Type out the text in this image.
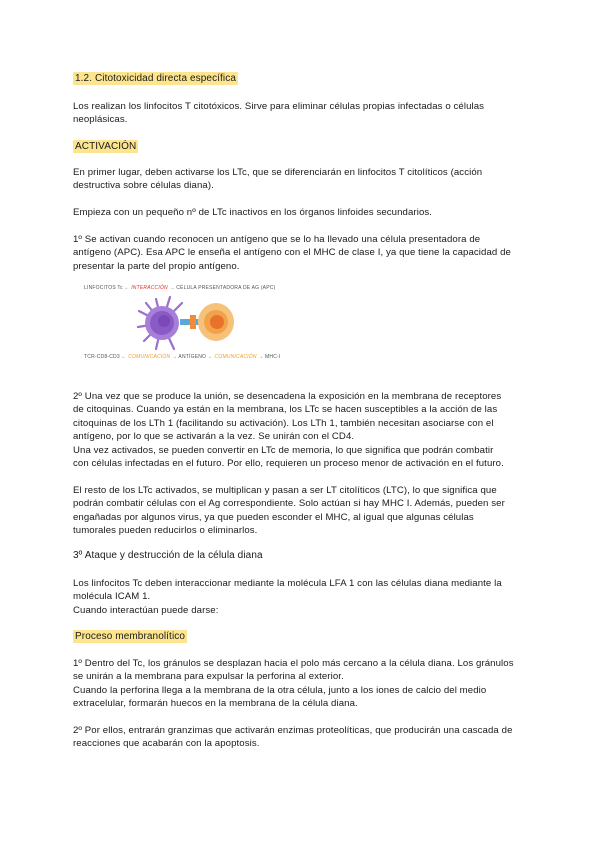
1.2. Citotoxicidad directa específica
Los realizan los linfocitos T citotóxicos. Sirve para eliminar células propias infectadas o células
neoplásicas.
ACTIVACIÓN
En primer lugar, deben activarse los LTc, que se diferenciarán en linfocitos T citolíticos (acción
destructiva sobre células diana).
Empieza con un pequeño nº de LTc inactivos en los órganos linfoides secundarios.
1º Se activan cuando reconocen un antígeno que se lo ha llevado una célula presentadora de
antígeno (APC). Esa APC le enseña el antígeno con el MHC de clase I, ya que tiene la capacidad de
presentar la parte del propio antígeno.
LINFOCITOS Tc ← INTERACCIÓN → CÉLULA PRESENTADORA DE AG (APC)
TCR-CD8-CD3 ← COMUNICACIÓN → ANTÍGENO ← COMUNICACIÓN → MHC-I
2º Una vez que se produce la unión, se desencadena la exposición en la membrana de receptores
de citoquinas. Cuando ya están en la membrana, los LTc se hacen susceptibles a la acción de las
citoquinas de los LTh 1 (facilitando su activación). Los LTh 1, también necesitan asociarse con el
antígeno, por lo que se activarán a la vez. Se unirán con el CD4.
Una vez activados, se pueden convertir en LTc de memoria, lo que significa que podrán combatir
con células infectadas en el futuro. Por ello, requieren un proceso menor de activación en el futuro.
El resto de los LTc activados, se multiplican y pasan a ser LT citolíticos (LTC), lo que significa que
podrán combatir células con el Ag correspondiente. Solo actúan si hay MHC I. Además, pueden ser
engañadas por algunos virus, ya que pueden esconder el MHC, al igual que algunas células
tumorales pueden reducirlos o eliminarlos.
3º Ataque y destrucción de la célula diana
Los linfocitos Tc deben interaccionar mediante la molécula LFA 1 con las células diana mediante la
molécula ICAM 1.
Cuando interactúan puede darse:
Proceso membranolítico
1º Dentro del Tc, los gránulos se desplazan hacia el polo más cercano a la célula diana. Los gránulos
se unirán a la membrana para expulsar la perforina al exterior.
Cuando la perforina llega a la membrana de la otra célula, junto a los iones de calcio del medio
extracelular, formarán huecos en la membrana de la célula diana.
2º Por ellos, entrarán granzimas que activarán enzimas proteolíticas, que producirán una cascada de
reacciones que acabarán con la apoptosis.
